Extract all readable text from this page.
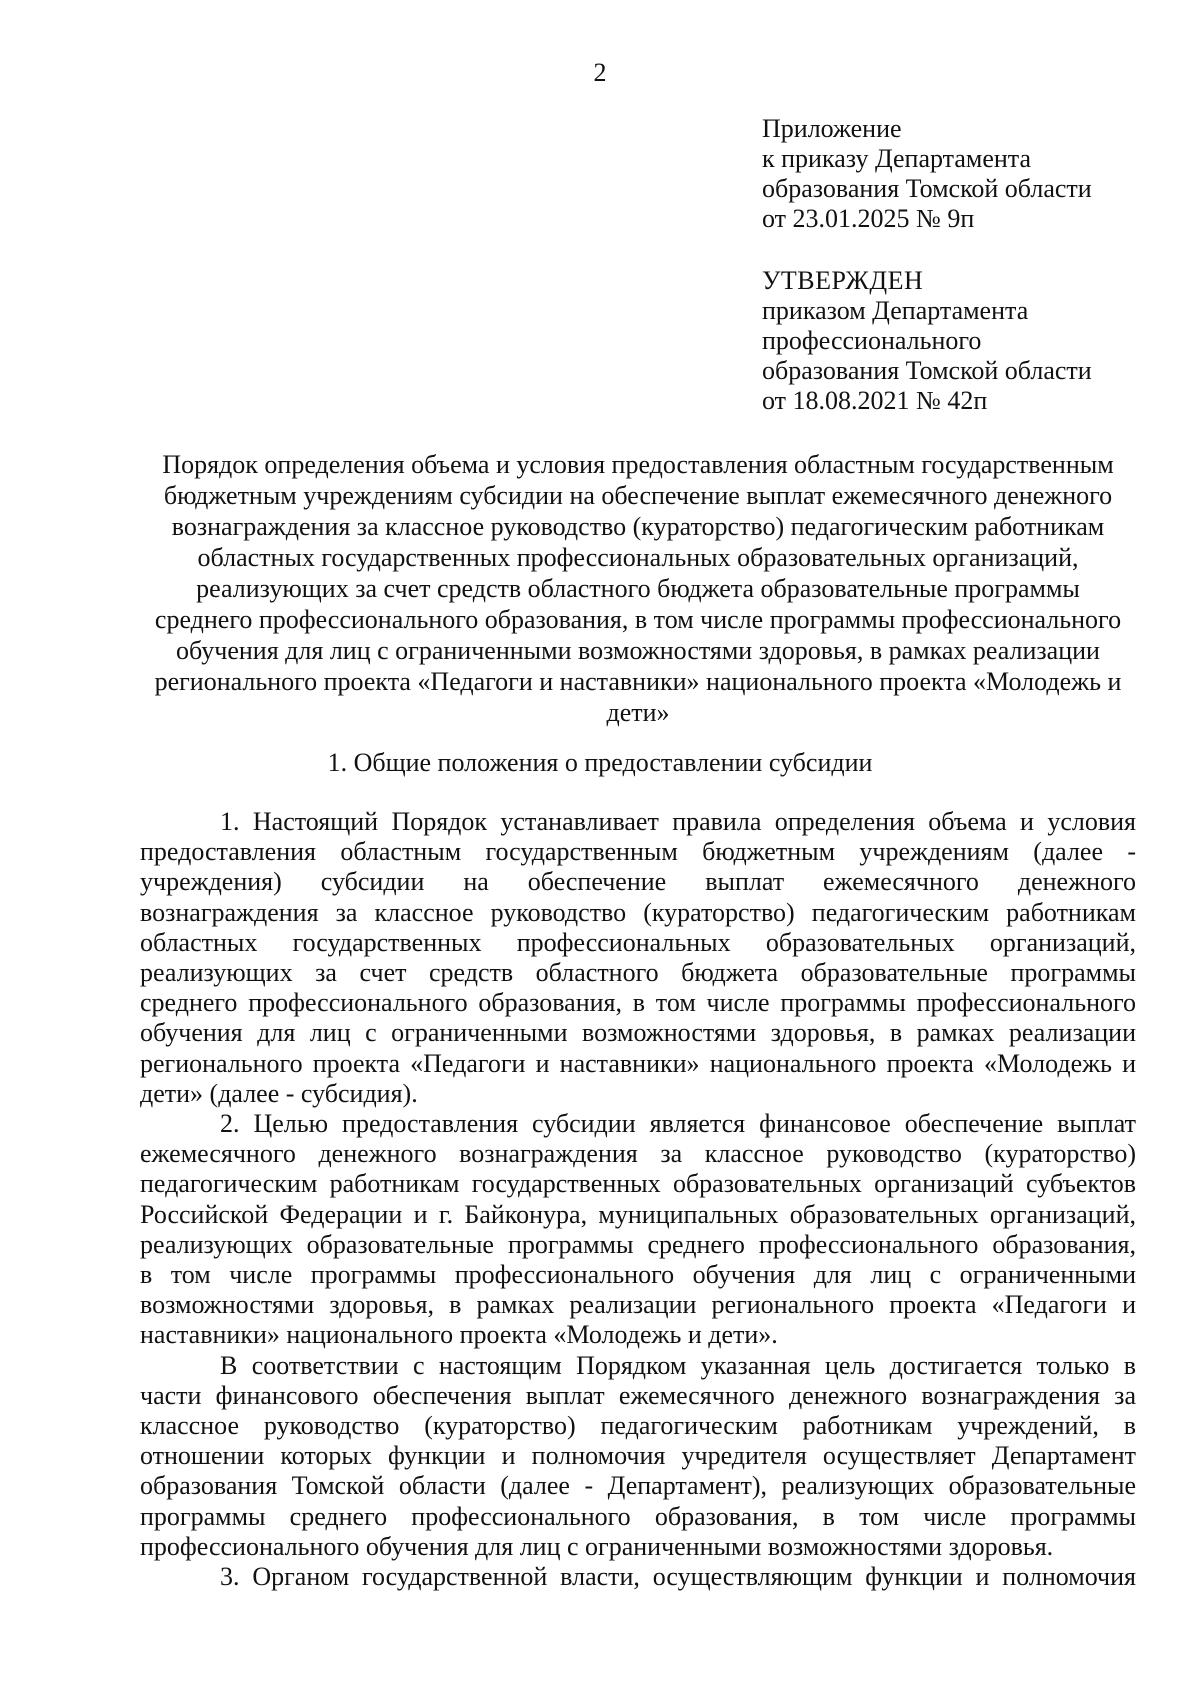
2
Приложение
к приказу Департамента
образования Томской области
от 23.01.2025 № 9п
УТВЕРЖДЕН
приказом Департамента
профессионального
образования Томской области
от 18.08.2021 № 42п
Порядок определения объема и условия предоставления областным государственным
бюджетным учреждениям субсидии на обеспечение выплат ежемесячного денежного
вознаграждения за классное руководство (кураторство) педагогическим работникам
областных государственных профессиональных образовательных организаций,
реализующих за счет средств областного бюджета образовательные программы
среднего профессионального образования, в том числе программы профессионального
обучения для лиц с ограниченными возможностями здоровья, в рамках реализации
регионального проекта «Педагоги и наставники» национального проекта «Молодежь и
дети»
1. Общие положения о предоставлении субсидии
1. Настоящий Порядок устанавливает правила определения объема и условия
предоставления областным государственным бюджетным учреждениям (далее -
учреждения) субсидии на обеспечение выплат ежемесячного денежного
вознаграждения за классное руководство (кураторство) педагогическим работникам
областных государственных профессиональных образовательных организаций,
реализующих за счет средств областного бюджета образовательные программы
среднего профессионального образования, в том числе программы профессионального
обучения для лиц с ограниченными возможностями здоровья, в рамках реализации
регионального проекта «Педагоги и наставники» национального проекта «Молодежь и
дети» (далее - субсидия).
2. Целью предоставления субсидии является финансовое обеспечение выплат
ежемесячного денежного вознаграждения за классное руководство (кураторство)
педагогическим работникам государственных образовательных организаций субъектов
Российской Федерации и г. Байконура, муниципальных образовательных организаций,
реализующих образовательные программы среднего профессионального образования,
в том числе программы профессионального обучения для лиц с ограниченными
возможностями здоровья, в рамках реализации регионального проекта «Педагоги и
наставники» национального проекта «Молодежь и дети».
В соответствии с настоящим Порядком указанная цель достигается только в
части финансового обеспечения выплат ежемесячного денежного вознаграждения за
классное руководство (кураторство) педагогическим работникам учреждений, в
отношении которых функции и полномочия учредителя осуществляет Департамент
образования Томской области (далее - Департамент), реализующих образовательные
программы среднего профессионального образования, в том числе программы
профессионального обучения для лиц с ограниченными возможностями здоровья.
3. Органом государственной власти, осуществляющим функции и полномочия
